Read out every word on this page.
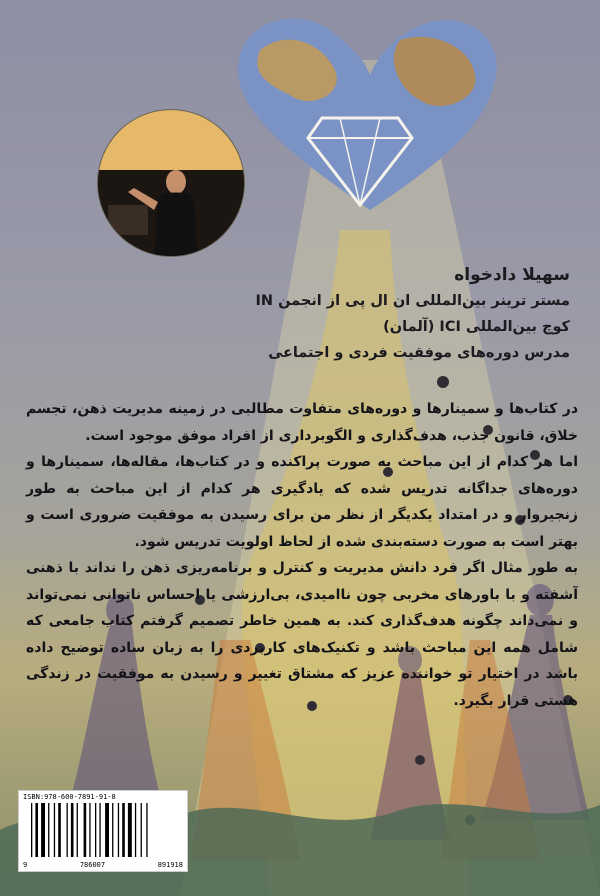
سهیلا دادخواه
مستر ترینر بین‌المللی ان ال پی از انجمن IN
کوچ بین‌المللی ICI (آلمان)
مدرس دوره‌های موفقیت فردی و اجتماعی

در کتاب‌ها و سمینارها و دوره‌های متفاوت مطالبی در زمینه مدیریت ذهن، تجسم خلاق، قانون جذب، هدف‌گذاری و الگوبرداری از افراد موفق موجود است.

اما هر کدام از این مباحث به صورت پراکنده و در کتاب‌ها، مقاله‌ها، سمینارها و دوره‌های جداگانه تدریس شده که یادگیری هر کدام از این مباحث به طور زنجیروار و در امتداد یکدیگر از نظر من برای رسیدن به موفقیت ضروری است و بهتر است به صورت دسته‌بندی شده از لحاظ اولویت تدریس شود.

به طور مثال اگر فرد دانش مدیریت و کنترل و برنامه‌ریزی ذهن را نداند با ذهنی آشفته و با باورهای مخربی چون ناامیدی، بی‌ارزشی یا احساس ناتوانی نمی‌تواند و نمی‌داند چگونه هدف‌گذاری کند. به همین خاطر تصمیم گرفتم کتاب جامعی که شامل همه این مباحث باشد و تکنیک‌های کاربردی را به زبان ساده توضیح داده باشد در اختیار تو خواننده عزیز که مشتاق تغییر و رسیدن به موفقیت در زندگی هستی قرار بگیرد.

ISBN:978-600-7891-91-8
9	786007	891918
